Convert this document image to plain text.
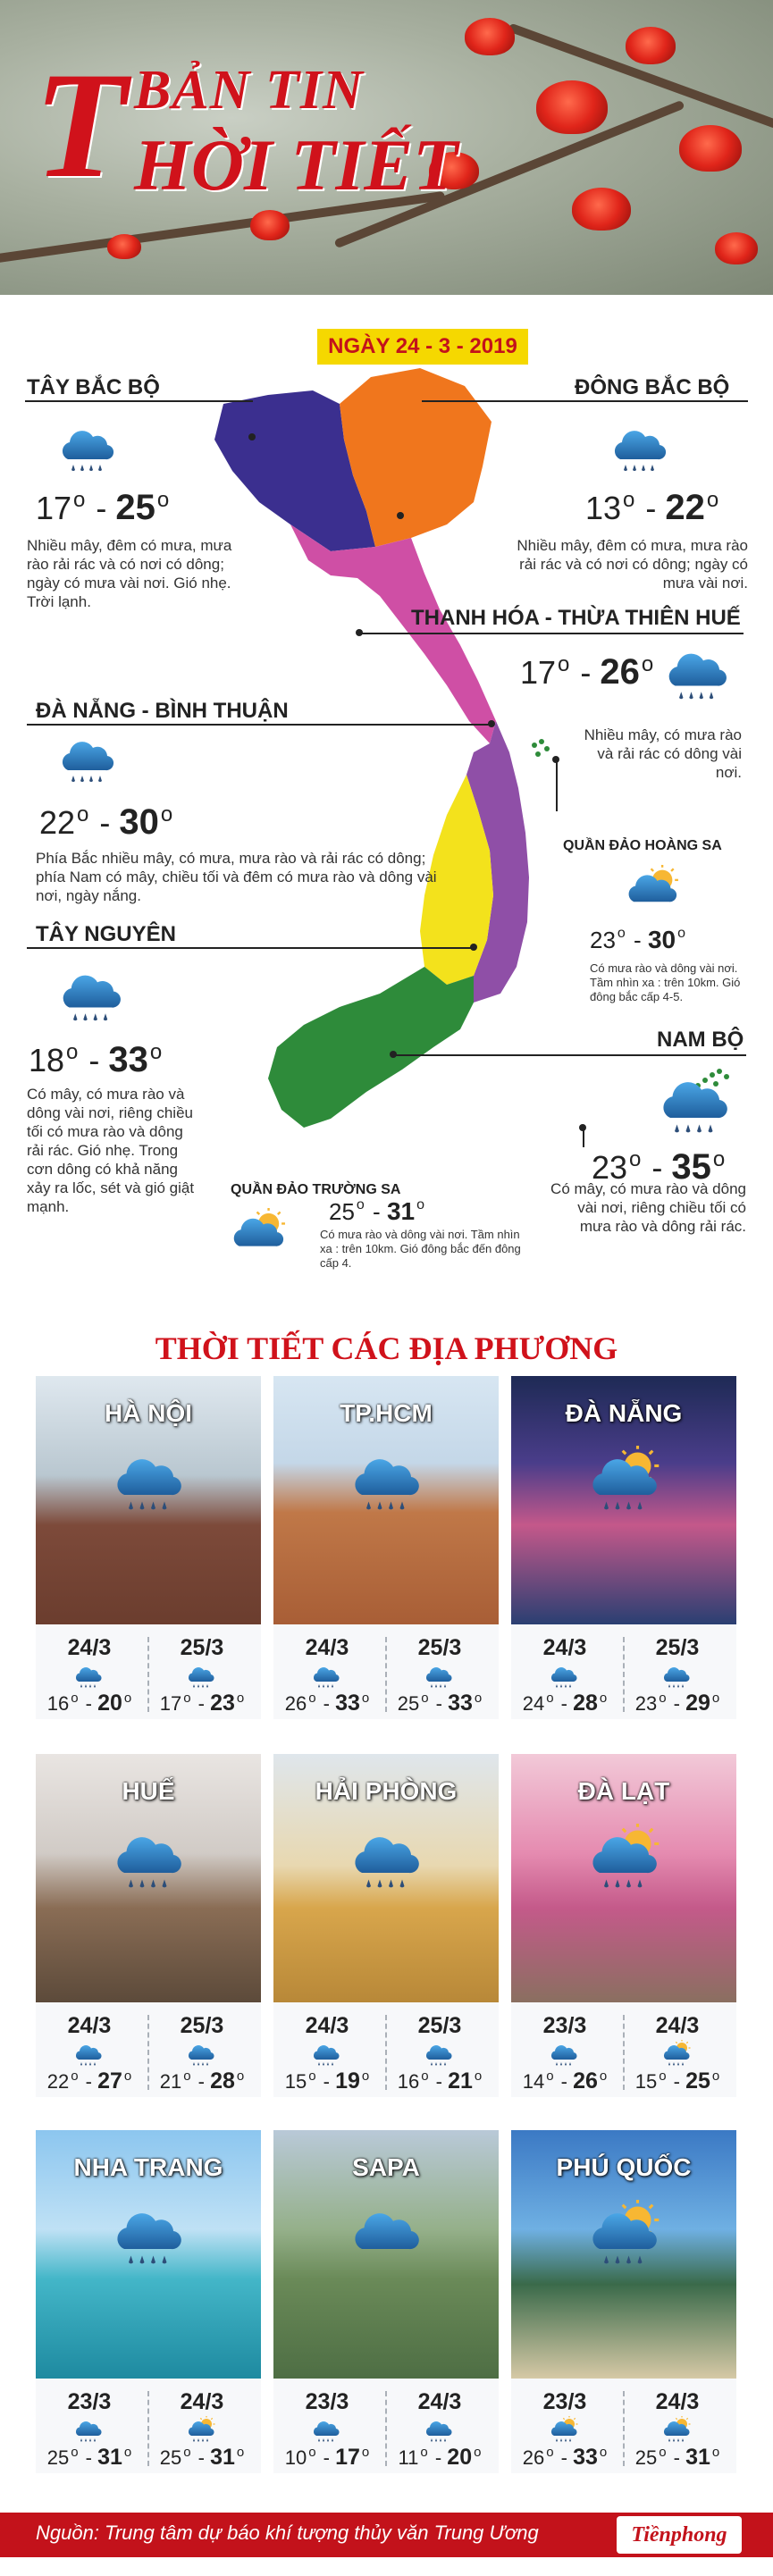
T BẢN TIN
HỜI TIẾT
NGÀY 24 - 3 - 2019
TÂY BẮC BỘ
17$^o$ - 25$^o$
Nhiều mây, đêm có mưa, mưa rào rải rác và có nơi có dông; ngày có mưa vài nơi. Gió nhẹ. Trời lạnh.
ĐÔNG BẮC BỘ
13$^o$ - 22$^o$
Nhiều mây, đêm có mưa, mưa rào rải rác và có nơi có dông; ngày có mưa vài nơi.
THANH HÓA - THỪA THIÊN HUẾ
17$^o$ - 26$^o$
Nhiều mây, có mưa rào và rải rác có dông vài nơi.
ĐÀ NẴNG - BÌNH THUẬN
22$^o$ - 30$^o$
Phía Bắc nhiều mây, có mưa, mưa rào và rải rác có dông; phía Nam có mây, chiều tối và đêm có mưa rào và dông vài nơi, ngày nắng.
TÂY NGUYÊN
18$^o$ - 33$^o$
Có mây, có mưa rào và dông vài nơi, riêng chiều tối có mưa rào và dông rải rác. Gió nhẹ. Trong cơn dông có khả năng xảy ra lốc, sét và gió giật mạnh.
QUẦN ĐẢO HOÀNG SA
23 $^o$ - 30 $^o$
Có mưa rào và dông vài nơi. Tầm nhìn xa : trên 10km. Gió đông bắc cấp 4-5.
NAM BỘ
23$^o$ - 35$^o$
Có mây, có mưa rào và dông vài nơi, riêng chiều tối có mưa rào và dông rải rác.
QUẦN ĐẢO TRƯỜNG SA
25 $^o$ - 31 $^o$
Có mưa rào và dông vài nơi. Tầm nhìn xa : trên 10km. Gió đông bắc đến đông cấp 4.
THỜI TIẾT CÁC ĐỊA PHƯƠNG
HÀ NỘI
24/3
16 $^o$ - 20 $^o$
25/3
17 $^o$ - 23 $^o$
TP.HCM
24/3
26 $^o$ - 33 $^o$
25/3
25 $^o$ - 33 $^o$
ĐÀ NẴNG
24/3
24 $^o$ - 28 $^o$
25/3
23 $^o$ - 29 $^o$
HUẾ
24/3
22 $^o$ - 27 $^o$
25/3
21 $^o$ - 28 $^o$
HẢI PHÒNG
24/3
15 $^o$ - 19 $^o$
25/3
16 $^o$ - 21 $^o$
ĐÀ LẠT
23/3
14 $^o$ - 26 $^o$
24/3
15 $^o$ - 25 $^o$
NHA TRANG
23/3
25 $^o$ - 31 $^o$
24/3
25 $^o$ - 31 $^o$
SAPA
23/3
10 $^o$ - 17 $^o$
24/3
11 $^o$ - 20 $^o$
PHÚ QUỐC
23/3
26 $^o$ - 33 $^o$
24/3
25 $^o$ - 31 $^o$
Nguồn: Trung tâm dự báo khí tượng thủy văn Trung Ương	Tiềnphong
